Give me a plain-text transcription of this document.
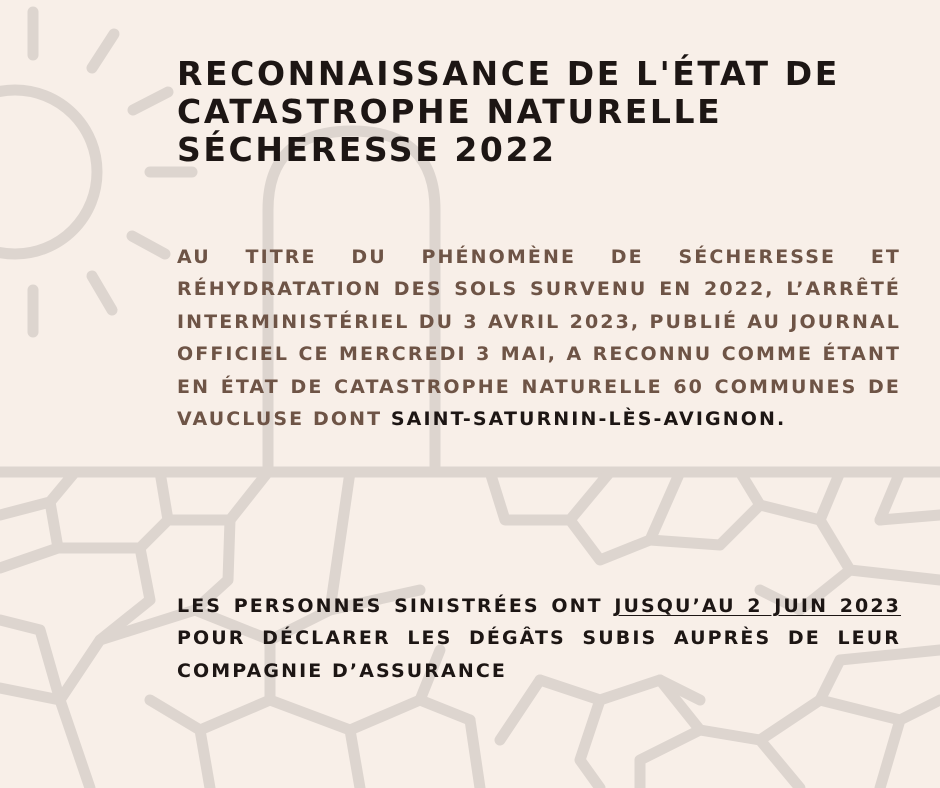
RECONNAISSANCE DE L'ÉTAT DE CATASTROPHE NATURELLE SÉCHERESSE 2022

AU TITRE DU PHÉNOMÈNE DE SÉCHERESSE ET RÉHYDRATATION DES SOLS SURVENU EN 2022, L’ARRÊTÉ INTERMINISTÉRIEL DU 3 AVRIL 2023, PUBLIÉ AU JOURNAL OFFICIEL CE MERCREDI 3 MAI, A RECONNU COMME ÉTANT EN ÉTAT DE CATASTROPHE NATURELLE 60 COMMUNES DE VAUCLUSE DONT SAINT-SATURNIN-LÈS-AVIGNON.

LES PERSONNES SINISTRÉES ONT JUSQU’AU 2 JUIN 2023 POUR DÉCLARER LES DÉGÂTS SUBIS AUPRÈS DE LEUR COMPAGNIE D’ASSURANCE
